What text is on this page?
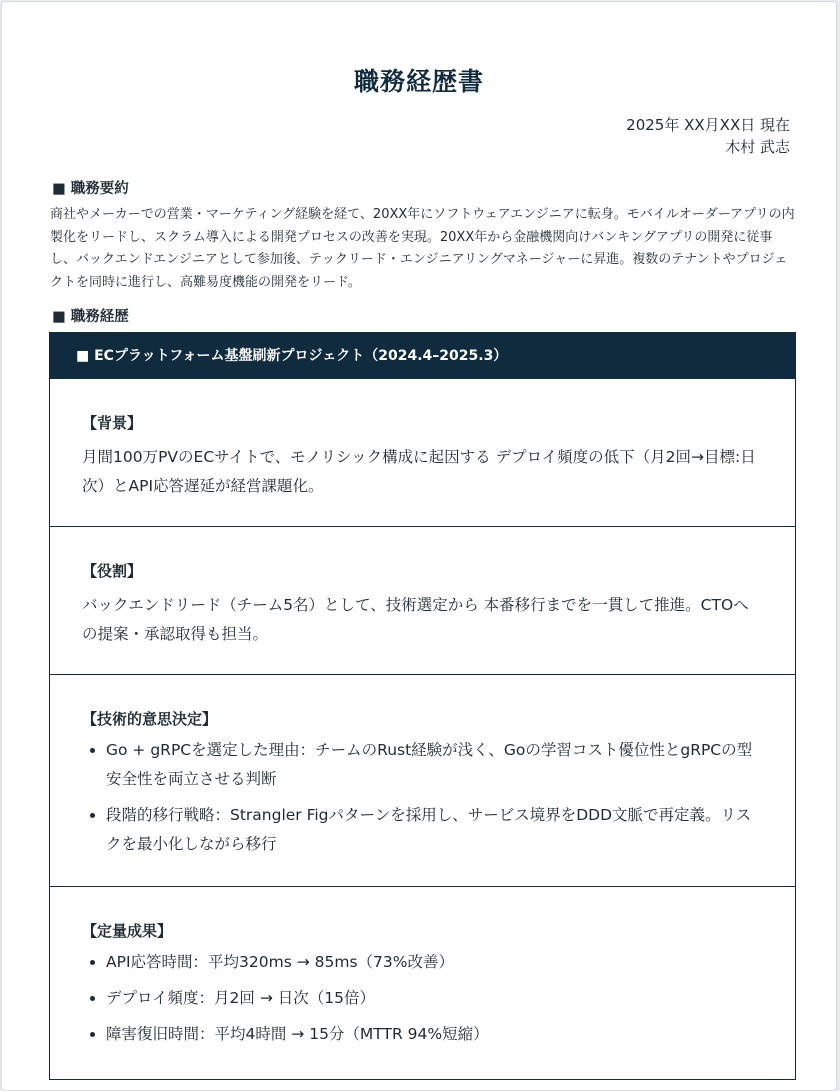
職務経歴書
2025年 XX月XX日 現在
木村 武志
■ 職務要約
商社やメーカーでの営業・マーケティング経験を経て、20XX年にソフトウェアエンジニアに転身。モバイルオーダーアプリの内製化をリードし、スクラム導入による開発プロセスの改善を実現。20XX年から金融機関向けバンキングアプリの開発に従事し、バックエンドエンジニアとして参加後、テックリード・エンジニアリングマネージャーに昇進。複数のテナントやプロジェクトを同時に進行し、高難易度機能の開発をリード。
■ 職務経歴
■ ECプラットフォーム基盤刷新プロジェクト（2024.4–2025.3）
【背景】
月間100万PVのECサイトで、モノリシック構成に起因する デプロイ頻度の低下（月2回→目標:日次）とAPI応答遅延が経営課題化。
【役割】
バックエンドリード（チーム5名）として、技術選定から 本番移行までを一貫して推進。CTOへの提案・承認取得も担当。
【技術的意思決定】
• Go + gRPCを選定した理由：チームのRust経験が浅く、Goの学習コスト優位性とgRPCの型安全性を両立させる判断
• 段階的移行戦略：Strangler Figパターンを採用し、サービス境界をDDD文脈で再定義。リスクを最小化しながら移行
【定量成果】
• API応答時間：平均320ms → 85ms（73%改善）
• デプロイ頻度：月2回 → 日次（15倍）
• 障害復旧時間：平均4時間 → 15分（MTTR 94%短縮）
